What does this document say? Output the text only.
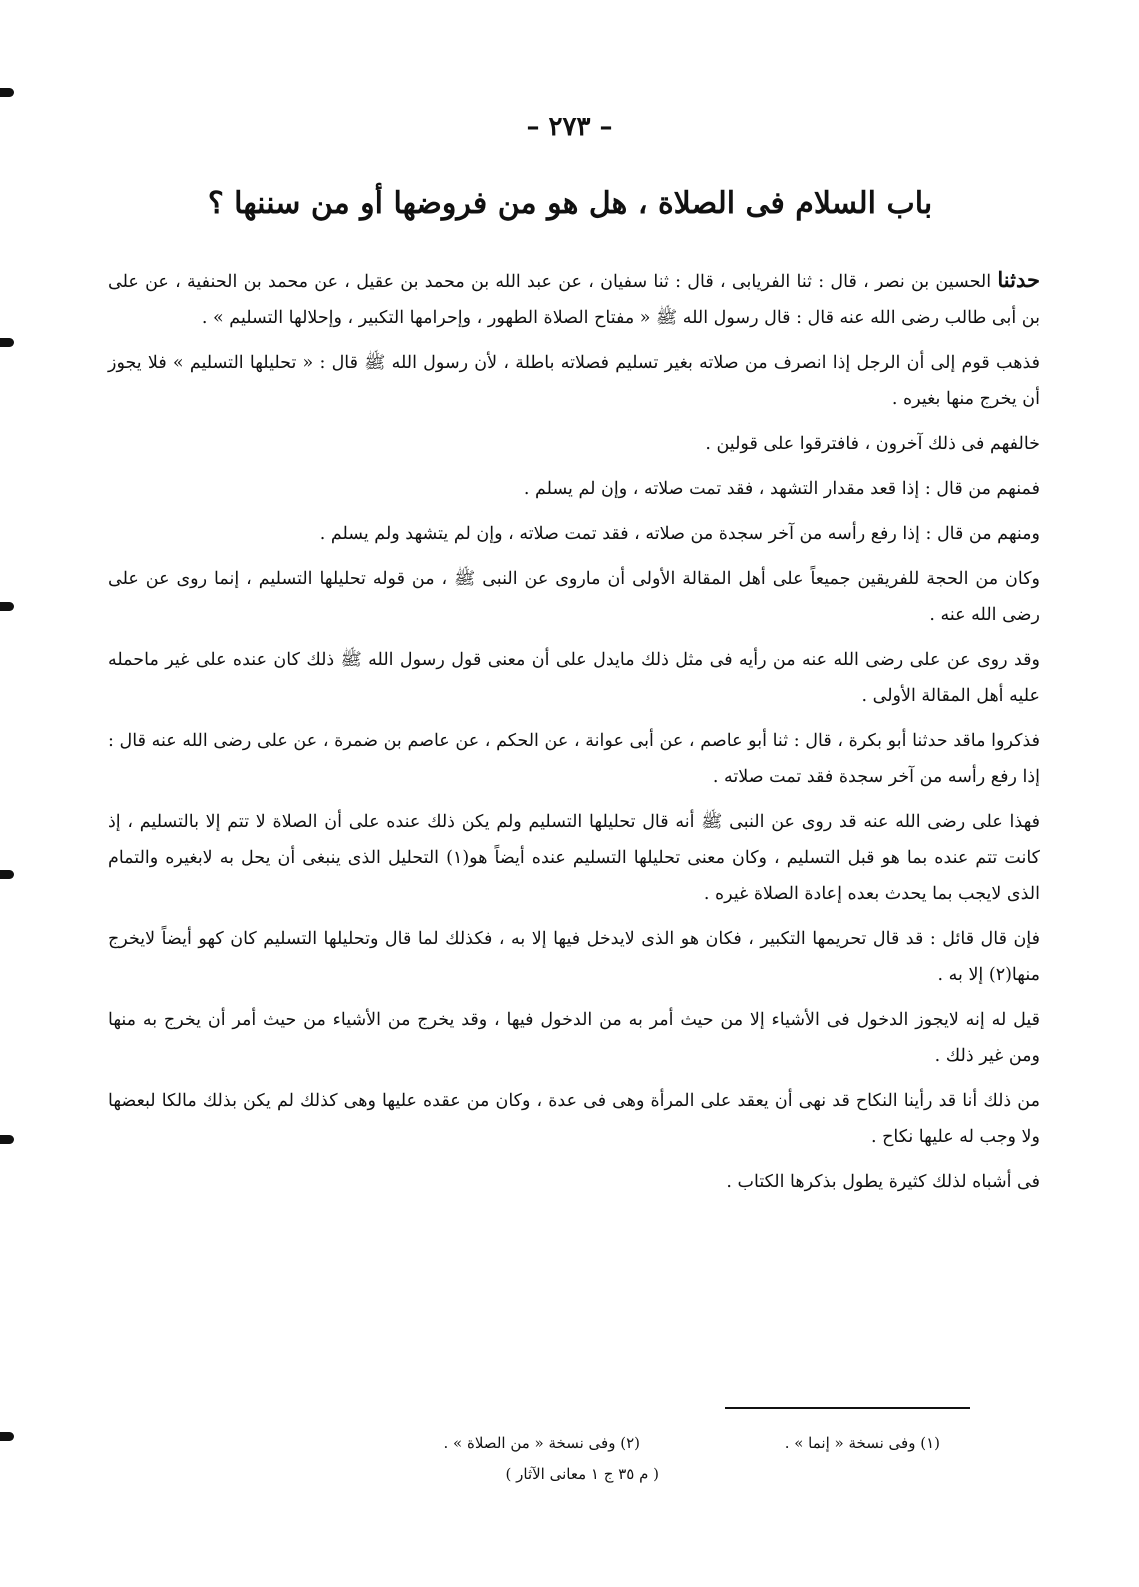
– ٢٧٣ –
باب السلام فى الصلاة ، هل هو من فروضها أو من سننها ؟

حدثنا الحسين بن نصر ، قال : ثنا الفريابى ، قال : ثنا سفيان ، عن عبد الله بن محمد بن عقيل ، عن محمد بن الحنفية ، عن على بن أبى طالب رضى الله عنه قال : قال رسول الله ﷺ « مفتاح الصلاة الطهور ، وإحرامها التكبير ، وإحلالها التسليم » .

فذهب قوم إلى أن الرجل إذا انصرف من صلاته بغير تسليم فصلاته باطلة ، لأن رسول الله ﷺ قال : « تحليلها التسليم » فلا يجوز أن يخرج منها بغيره .

خالفهم فى ذلك آخرون ، فافترقوا على قولين .

فمنهم من قال : إذا قعد مقدار التشهد ، فقد تمت صلاته ، وإن لم يسلم .

ومنهم من قال : إذا رفع رأسه من آخر سجدة من صلاته ، فقد تمت صلاته ، وإن لم يتشهد ولم يسلم .

وكان من الحجة للفريقين جميعاً على أهل المقالة الأولى أن ماروى عن النبى ﷺ ، من قوله تحليلها التسليم ، إنما روى عن على رضى الله عنه .

وقد روى عن على رضى الله عنه من رأيه فى مثل ذلك مايدل على أن معنى قول رسول الله ﷺ ذلك كان عنده على غير ماحمله عليه أهل المقالة الأولى .

فذكروا ماقد حدثنا أبو بكرة ، قال : ثنا أبو عاصم ، عن أبى عوانة ، عن الحكم ، عن عاصم بن ضمرة ، عن على رضى الله عنه قال : إذا رفع رأسه من آخر سجدة فقد تمت صلاته .

فهذا على رضى الله عنه قد روى عن النبى ﷺ أنه قال تحليلها التسليم ولم يكن ذلك عنده على أن الصلاة لا تتم إلا بالتسليم ، إذ كانت تتم عنده بما هو قبل التسليم ، وكان معنى تحليلها التسليم عنده أيضاً هو(١) التحليل الذى ينبغى أن يحل به لابغيره والتمام الذى لايجب بما يحدث بعده إعادة الصلاة غيره .

فإن قال قائل : قد قال تحريمها التكبير ، فكان هو الذى لايدخل فيها إلا به ، فكذلك لما قال وتحليلها التسليم كان كهو أيضاً لايخرج منها(٢) إلا به .

قيل له إنه لايجوز الدخول فى الأشياء إلا من حيث أمر به من الدخول فيها ، وقد يخرج من الأشياء من حيث أمر أن يخرج به منها ومن غير ذلك .

من ذلك أنا قد رأينا النكاح قد نهى أن يعقد على المرأة وهى فى عدة ، وكان من عقده عليها وهى كذلك لم يكن بذلك مالكا لبعضها ولا وجب له عليها نكاح .

فى أشباه لذلك كثيرة يطول بذكرها الكتاب .

(١) وفى نسخة « إنما » .
(٢) وفى نسخة « من الصلاة » .
( م ٣٥ ج ١ معانى الآثار )
